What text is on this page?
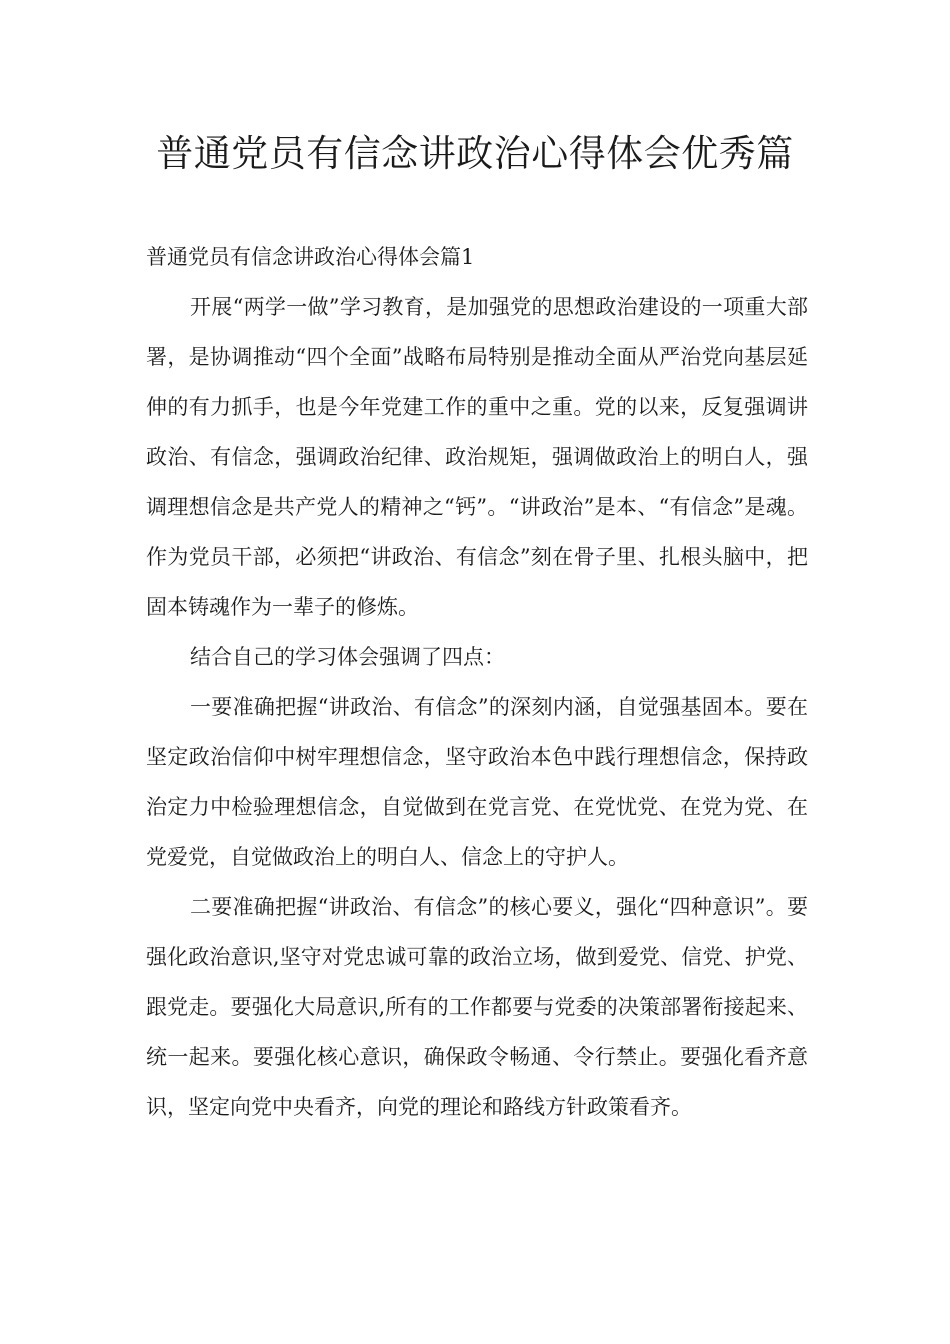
普通党员有信念讲政治心得体会优秀篇

普通党员有信念讲政治心得体会篇1

开展“两学一做”学习教育，是加强党的思想政治建设的一项重大部署，是协调推动“四个全面”战略布局特别是推动全面从严治党向基层延伸的有力抓手，也是今年党建工作的重中之重。党的以来，反复强调讲政治、有信念，强调政治纪律、政治规矩，强调做政治上的明白人，强调理想信念是共产党人的精神之“钙”。“讲政治”是本、“有信念”是魂。作为党员干部，必须把“讲政治、有信念”刻在骨子里、扎根头脑中，把固本铸魂作为一辈子的修炼。

结合自己的学习体会强调了四点：

一要准确把握“讲政治、有信念”的深刻内涵，自觉强基固本。要在坚定政治信仰中树牢理想信念，坚守政治本色中践行理想信念，保持政治定力中检验理想信念，自觉做到在党言党、在党忧党、在党为党、在党爱党，自觉做政治上的明白人、信念上的守护人。

二要准确把握“讲政治、有信念”的核心要义，强化“四种意识”。要强化政治意识,坚守对党忠诚可靠的政治立场，做到爱党、信党、护党、跟党走。要强化大局意识,所有的工作都要与党委的决策部署衔接起来、统一起来。要强化核心意识，确保政令畅通、令行禁止。要强化看齐意识，坚定向党中央看齐，向党的理论和路线方针政策看齐。
